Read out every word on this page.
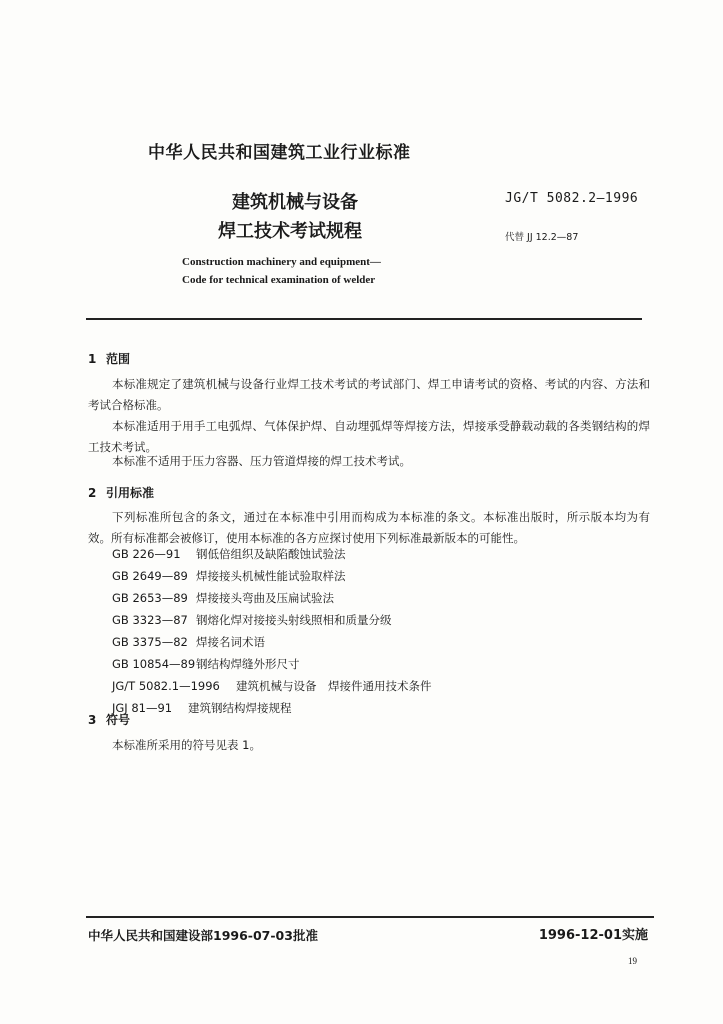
中华人民共和国建筑工业行业标准
建筑机械与设备
焊工技术考试规程
JG/T 5082.2—1996
代替 JJ 12.2—87
Construction machinery and equipment—
Code for technical examination of welder
1 范围
本标准规定了建筑机械与设备行业焊工技术考试的考试部门、焊工申请考试的资格、考试的内容、方法和考试合格标准。
本标准适用于用手工电弧焊、气体保护焊、自动埋弧焊等焊接方法，焊接承受静载动载的各类钢结构的焊工技术考试。
本标准不适用于压力容器、压力管道焊接的焊工技术考试。
2 引用标准
下列标准所包含的条文，通过在本标准中引用而构成为本标准的条文。本标准出版时，所示版本均为有效。所有标准都会被修订，使用本标准的各方应探讨使用下列标准最新版本的可能性。
GB 226—91 钢低倍组织及缺陷酸蚀试验法
GB 2649—89 焊接接头机械性能试验取样法
GB 2653—89 焊接接头弯曲及压扁试验法
GB 3323—87 钢熔化焊对接接头射线照相和质量分级
GB 3375—82 焊接名词术语
GB 10854—89钢结构焊缝外形尺寸
JG/T 5082.1—1996 建筑机械与设备　焊接件通用技术条件
JGJ 81—91 建筑钢结构焊接规程
3 符号
本标准所采用的符号见表 1。
中华人民共和国建设部1996-07-03批准	1996-12-01实施
19
